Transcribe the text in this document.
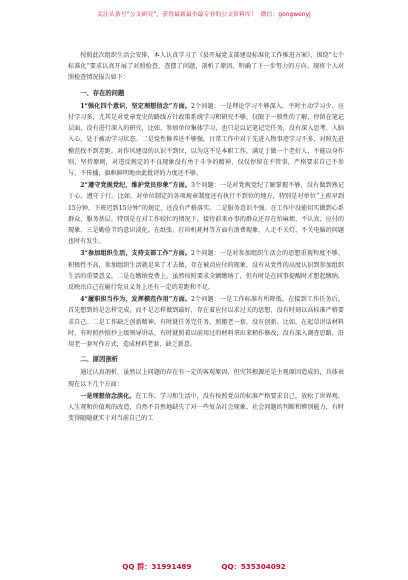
关注头条号“公文研究”，获得最新最全最专业的公文资料库！ 微信：gongwenyj

按照此次组织生活会安排，本人认真学习了《县开展党支部建设标准化工作推进方案》，围绕“七个标准化”要求认真开展了对照检查，查摆了问题、剖析了原因、明确了下一步努力的方向。现将个人对照检查情况报告如下：

一、存在的问题

1“强化四个意识，坚定理想信念”方面。2个问题：一是理论学习不够深入。平时主动学习少、应付学习多，尤其是对党章党史的路线方针政策系统学习和研究不够，仅限于一般性的了解，停留在笔记层面，没有进行深入的研究，比如，参加单位集体学习，也只是以记笔记完任务，没有深入思考、入脑入心，处于被动学习状态。二是党性修养还不够强。日常工作中对于先进人物事迹学习不多，对照先进模范找不到差距。对作风建设的认识不到位，以为这不是本职工作，满足于做一个老好人，不能以身作则，坚持原则，对违反规定的不良现象没有勇于斗争的精神，仅仅停留在不管事，严格要求自己不参与、不传播，旗帜鲜明地由此批评的力度还不够。

2“遵守党规党纪，维护党员形象”方面。3个问题：一是对党规党纪了解掌握不够，没有做到熟记于心、遵守于行。比如，对单位制定的各项规章制度还有执行不到位的地方，特别是对单位“上班早到15分钟，下班迟到15分钟”的规定，还没有严格落实。二是服务意识不强。在工作中没能切实做到心系群众、服务基层，特别是在对工作较忙的情况下，接待前来办事的群众还存在怕麻烦、不认真、应付的现象。三是勤俭节约意识淡化。在纸张、打印机耗材等方面有浪费现象，人走不关灯、不关电脑的问题也时有发生。

3“参加组织生活，支持支部工作”方面。2个问题：一是对参加组织生活会的思想重视程度不够、积极性不高，参加组织生活就是来了才去做，存在被动应付的现象，没有从党性的高度认识到参加组织生活的重要意义。二是在缴纳党费上，虽然按照要求全额缴纳了，但有时是在同事提醒时才想起缴纳，反映出自己在履行党员义务上还有一定的差距和不足。

4“履职担当作为，发挥模范作用”方面。2个问题：一是工作标准有所降低。在接到工作任务后，首先想到的是怎样完成，而不是怎样做到最好，存在着应付以求过关的思想，没有时刻以高标准严格要求自己。二是工作缺乏创新精神，有时就任务完任务，照搬老一套，没有创新。比如，在起草讲话材料时，有时照抄照抄上级领导讲话，有时就照着以前用过的材料拿出来稍作修改，没有深入调查思路，沿用老一套写作方式，造成材料老套，缺乏新意。

二、原因剖析

通过认真剖析，虽然以上问题的存在有一定的客观原因，但究其根源还是主观原因造成的，具体表现在以下几个方面：

一是理想信念淡化。在工作、学习和生活中，没有按照党员的标准严格要求自己，放松了世界观、人生观和价值观的改造，自然不自然地缺失了对一些复杂社会现象、社会问题的判断和辨别能力，有时变得随随就实于对当前自己的工

QQ 群：31991489	QQ：535304092
